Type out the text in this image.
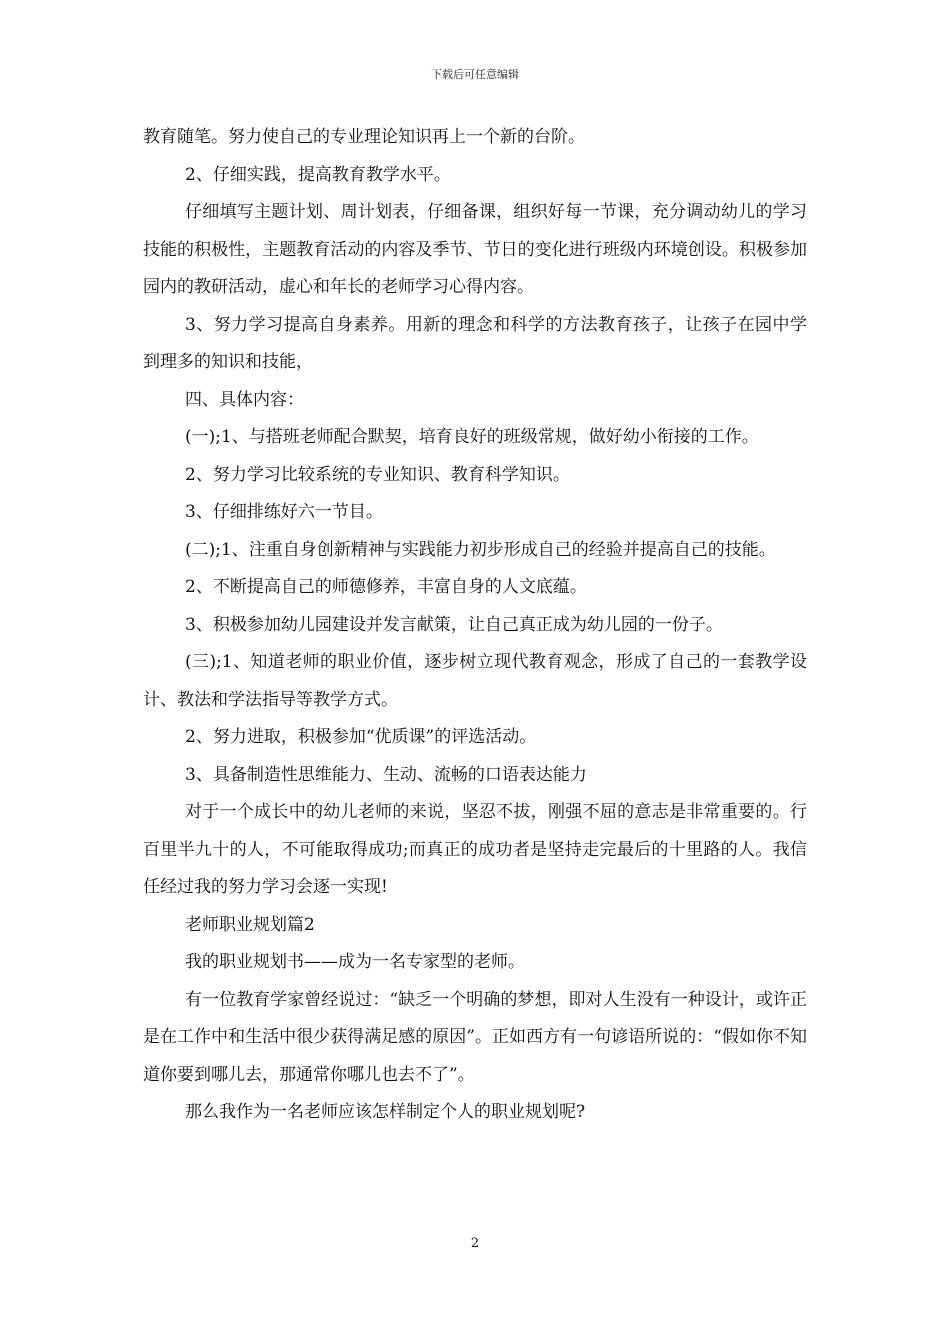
下载后可任意编辑

教育随笔。努力使自己的专业理论知识再上一个新的台阶。

2、仔细实践，提高教育教学水平。

仔细填写主题计划、周计划表，仔细备课，组织好每一节课，充分调动幼儿的学习技能的积极性，主题教育活动的内容及季节、节日的变化进行班级内环境创设。积极参加园内的教研活动，虚心和年长的老师学习心得内容。

3、努力学习提高自身素养。用新的理念和科学的方法教育孩子，让孩子在园中学到理多的知识和技能，

四、具体内容：

(一);1、与搭班老师配合默契，培育良好的班级常规，做好幼小衔接的工作。

2、努力学习比较系统的专业知识、教育科学知识。

3、仔细排练好六一节目。

(二);1、注重自身创新精神与实践能力初步形成自己的经验并提高自己的技能。

2、不断提高自己的师德修养，丰富自身的人文底蕴。

3、积极参加幼儿园建设并发言献策，让自己真正成为幼儿园的一份子。

(三);1、知道老师的职业价值，逐步树立现代教育观念，形成了自己的一套教学设计、教法和学法指导等教学方式。

2、努力进取，积极参加“优质课”的评选活动。

3、具备制造性思维能力、生动、流畅的口语表达能力

对于一个成长中的幼儿老师的来说，坚忍不拔，刚强不屈的意志是非常重要的。行百里半九十的人，不可能取得成功;而真正的成功者是坚持走完最后的十里路的人。我信任经过我的努力学习会逐一实现!

老师职业规划篇2

我的职业规划书——成为一名专家型的老师。

有一位教育学家曾经说过：“缺乏一个明确的梦想，即对人生没有一种设计，或许正是在工作中和生活中很少获得满足感的原因”。正如西方有一句谚语所说的：“假如你不知道你要到哪儿去，那通常你哪儿也去不了”。

那么我作为一名老师应该怎样制定个人的职业规划呢?

2
